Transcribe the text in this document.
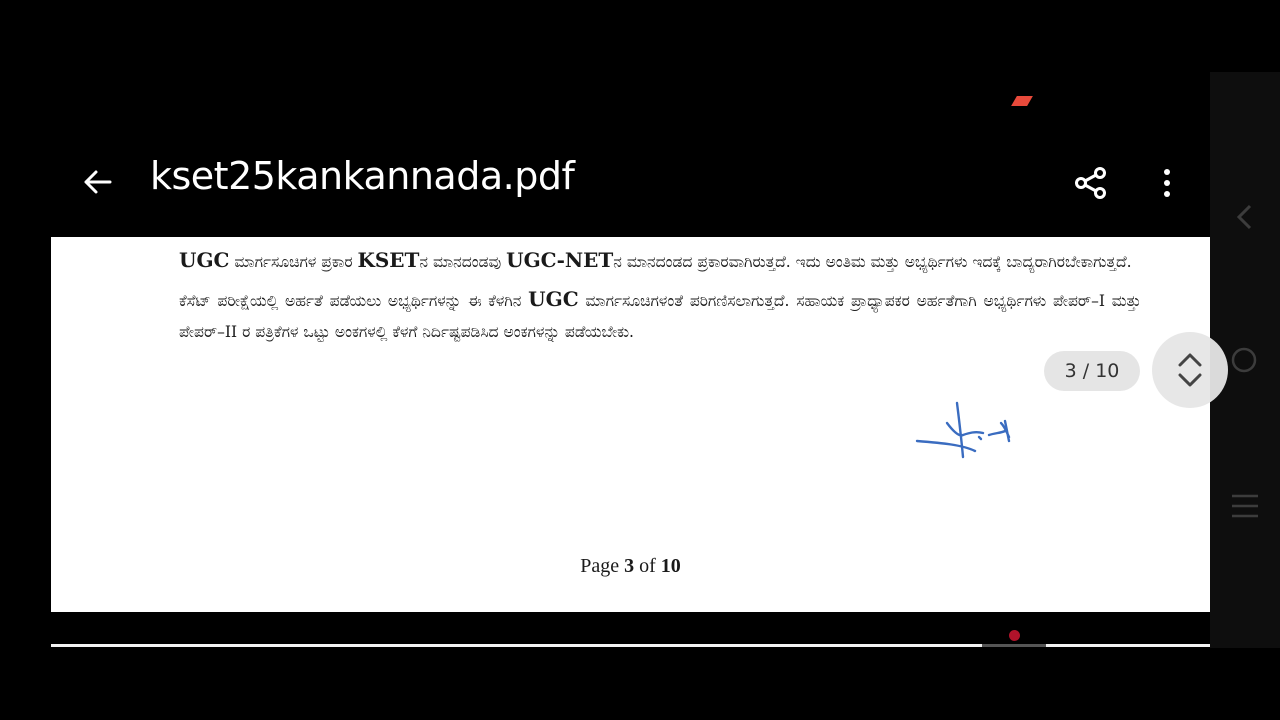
kset25kankannada.pdf

UGC ಮಾರ್ಗಸೂಚಿಗಳ ಪ್ರಕಾರ KSETನ ಮಾನದಂಡವು UGC-NETನ ಮಾನದಂಡದ ಪ್ರಕಾರವಾಗಿರುತ್ತದೆ. ಇದು ಅಂತಿಮ ಮತ್ತು ಅಭ್ಯರ್ಥಿಗಳು ಇದಕ್ಕೆ ಬಾದ್ಯರಾಗಿರಬೇಕಾಗುತ್ತದೆ.

ಕೆಸೆಟ್ ಪರೀಕ್ಷೆಯಲ್ಲಿ ಅರ್ಹತೆ ಪಡೆಯಲು ಅಭ್ಯರ್ಥಿಗಳನ್ನು ಈ ಕೆಳಗಿನ UGC ಮಾರ್ಗಸೂಚಿಗಳಂತೆ ಪರಿಗಣಿಸಲಾಗುತ್ತದೆ. ಸಹಾಯಕ ಪ್ರಾಧ್ಯಾಪಕರ ಅರ್ಹತೆಗಾಗಿ ಅಭ್ಯರ್ಥಿಗಳು ಪೇಪರ್–I ಮತ್ತು ಪೇಪರ್–II ರ ಪತ್ರಿಕೆಗಳ ಒಟ್ಟು ಅಂಕಗಳಲ್ಲಿ ಕೆಳಗೆ ನಿರ್ದಿಷ್ಟಪಡಿಸಿದ ಅಂಕಗಳನ್ನು ಪಡೆಯಬೇಕು.

Page 3 of 10
3 / 10
